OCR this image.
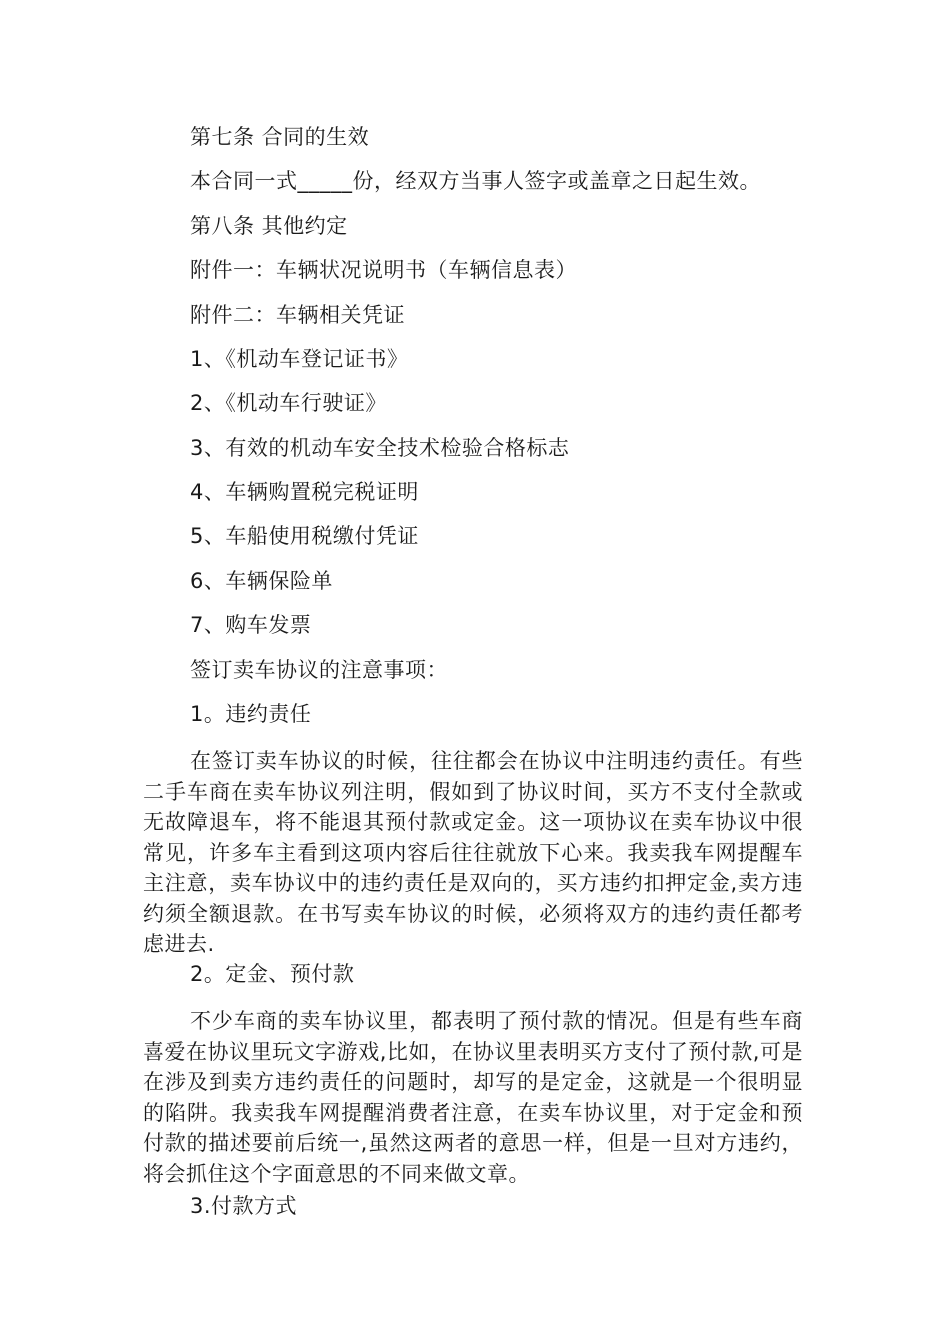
第七条 合同的生效
本合同一式_____份，经双方当事人签字或盖章之日起生效。
第八条 其他约定
附件一：车辆状况说明书（车辆信息表）
附件二：车辆相关凭证
1、《机动车登记证书》
2、《机动车行驶证》
3、有效的机动车安全技术检验合格标志
4、车辆购置税完税证明
5、车船使用税缴付凭证
6、车辆保险单
7、购车发票
签订卖车协议的注意事项：
1。违约责任
在签订卖车协议的时候，往往都会在协议中注明违约责任。有些二手车商在卖车协议列注明，假如到了协议时间，买方不支付全款或无故障退车，将不能退其预付款或定金。这一项协议在卖车协议中很常见，许多车主看到这项内容后往往就放下心来。我卖我车网提醒车主注意，卖车协议中的违约责任是双向的，买方违约扣押定金,卖方违约须全额退款。在书写卖车协议的时候，必须将双方的违约责任都考虑进去.
2。定金、预付款
不少车商的卖车协议里，都表明了预付款的情况。但是有些车商喜爱在协议里玩文字游戏,比如，在协议里表明买方支付了预付款,可是在涉及到卖方违约责任的问题时，却写的是定金，这就是一个很明显的陷阱。我卖我车网提醒消费者注意，在卖车协议里，对于定金和预付款的描述要前后统一,虽然这两者的意思一样，但是一旦对方违约，将会抓住这个字面意思的不同来做文章。
3.付款方式
